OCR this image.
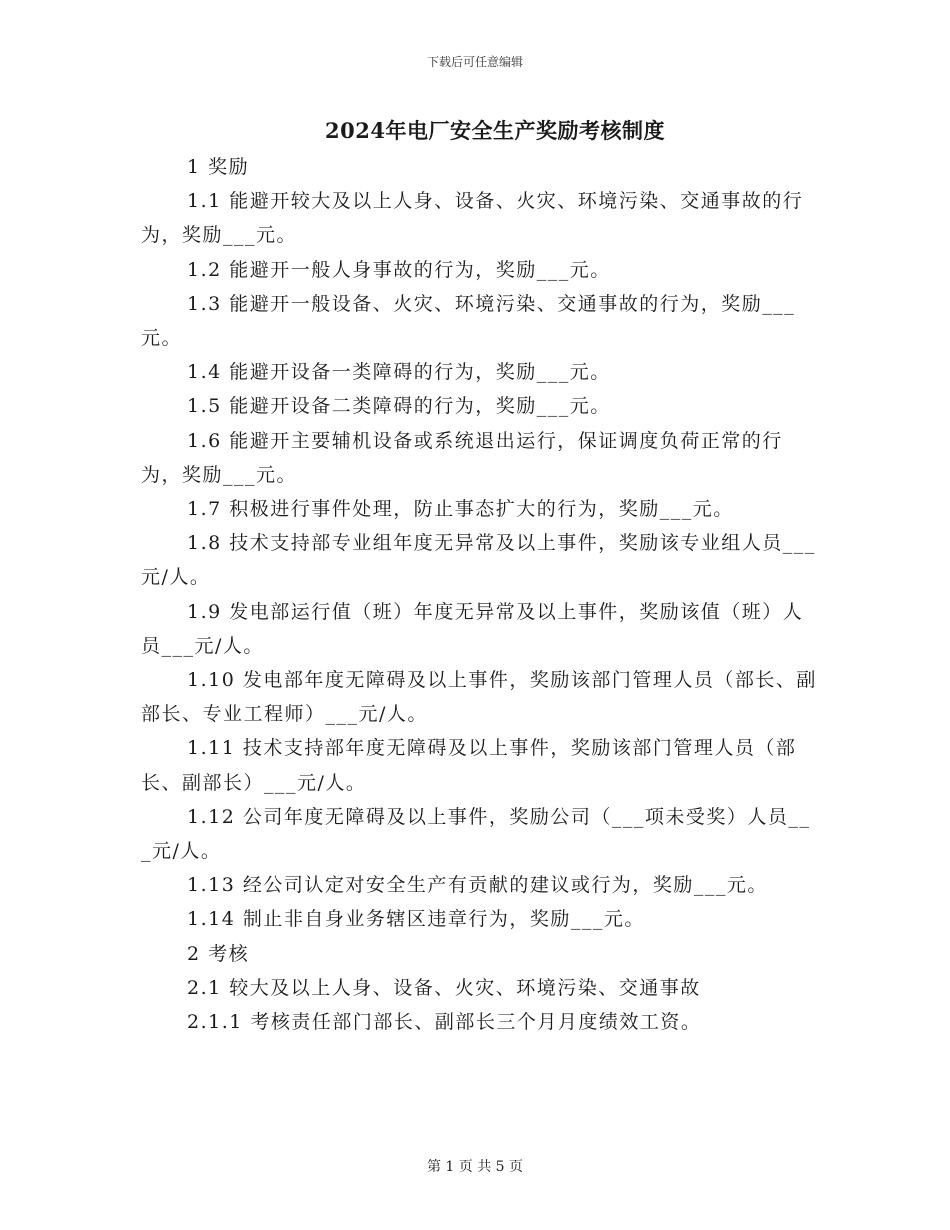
下载后可任意编辑
2024年电厂安全生产奖励考核制度

1 奖励

1.1 能避开较大及以上人身、设备、火灾、环境污染、交通事故的行为，奖励___元。

1.2 能避开一般人身事故的行为，奖励___元。

1.3 能避开一般设备、火灾、环境污染、交通事故的行为，奖励___元。

1.4 能避开设备一类障碍的行为，奖励___元。

1.5 能避开设备二类障碍的行为，奖励___元。

1.6 能避开主要辅机设备或系统退出运行，保证调度负荷正常的行为，奖励___元。

1.7 积极进行事件处理，防止事态扩大的行为，奖励___元。

1.8 技术支持部专业组年度无异常及以上事件，奖励该专业组人员___元/人。

1.9 发电部运行值（班）年度无异常及以上事件，奖励该值（班）人员___元/人。

1.10 发电部年度无障碍及以上事件，奖励该部门管理人员（部长、副部长、专业工程师）___元/人。

1.11 技术支持部年度无障碍及以上事件，奖励该部门管理人员（部长、副部长）___元/人。

1.12 公司年度无障碍及以上事件，奖励公司（___项未受奖）人员___元/人。

1.13 经公司认定对安全生产有贡献的建议或行为，奖励___元。

1.14 制止非自身业务辖区违章行为，奖励___元。

2 考核

2.1 较大及以上人身、设备、火灾、环境污染、交通事故

2.1.1 考核责任部门部长、副部长三个月月度绩效工资。

第 1 页 共 5 页
